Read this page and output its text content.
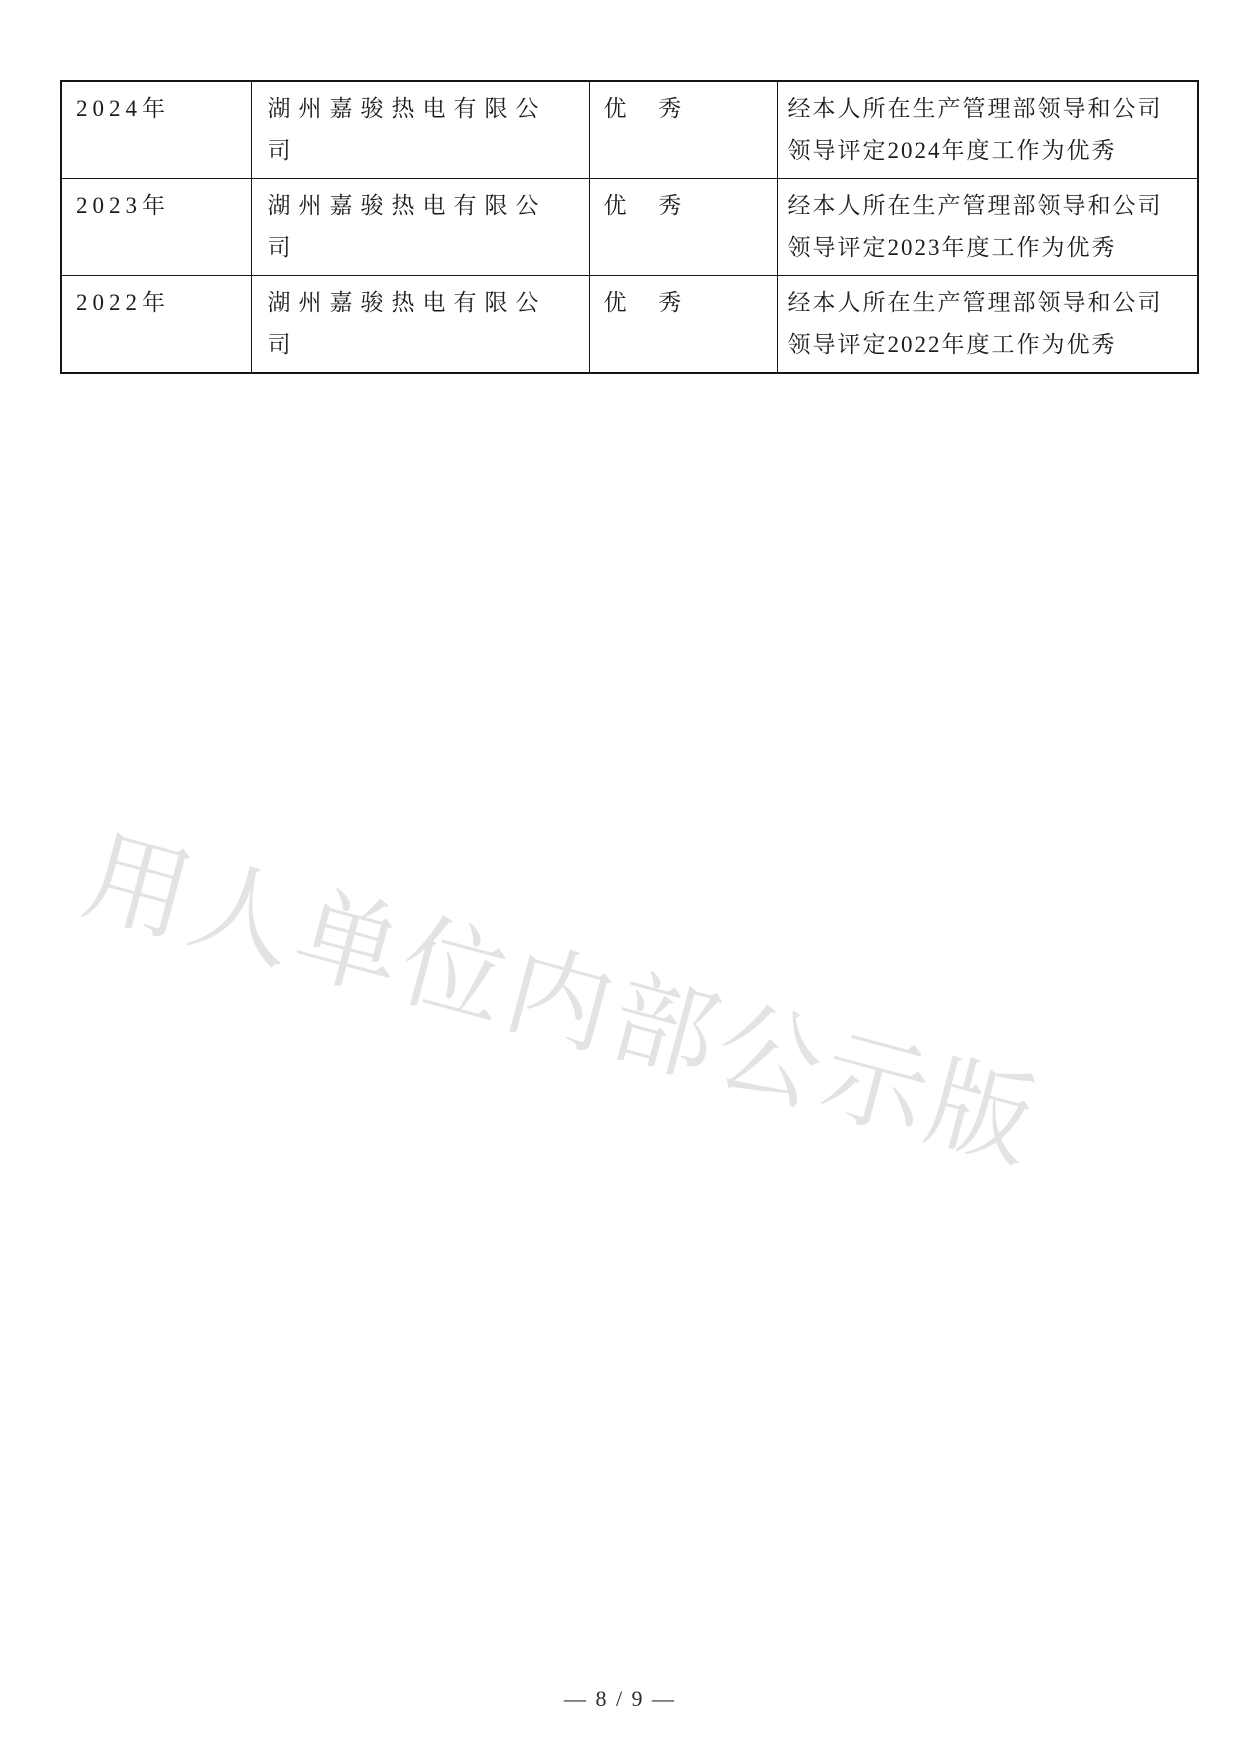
2024年	湖州嘉骏热电有限公司	优 秀	经本人所在生产管理部领导和公司
领导评定2024年度工作为优秀

2023年	湖州嘉骏热电有限公司	优 秀	经本人所在生产管理部领导和公司
领导评定2023年度工作为优秀

2022年	湖州嘉骏热电有限公司	优 秀	经本人所在生产管理部领导和公司
领导评定2022年度工作为优秀
用人单位内部公示版
— 8 / 9 —
